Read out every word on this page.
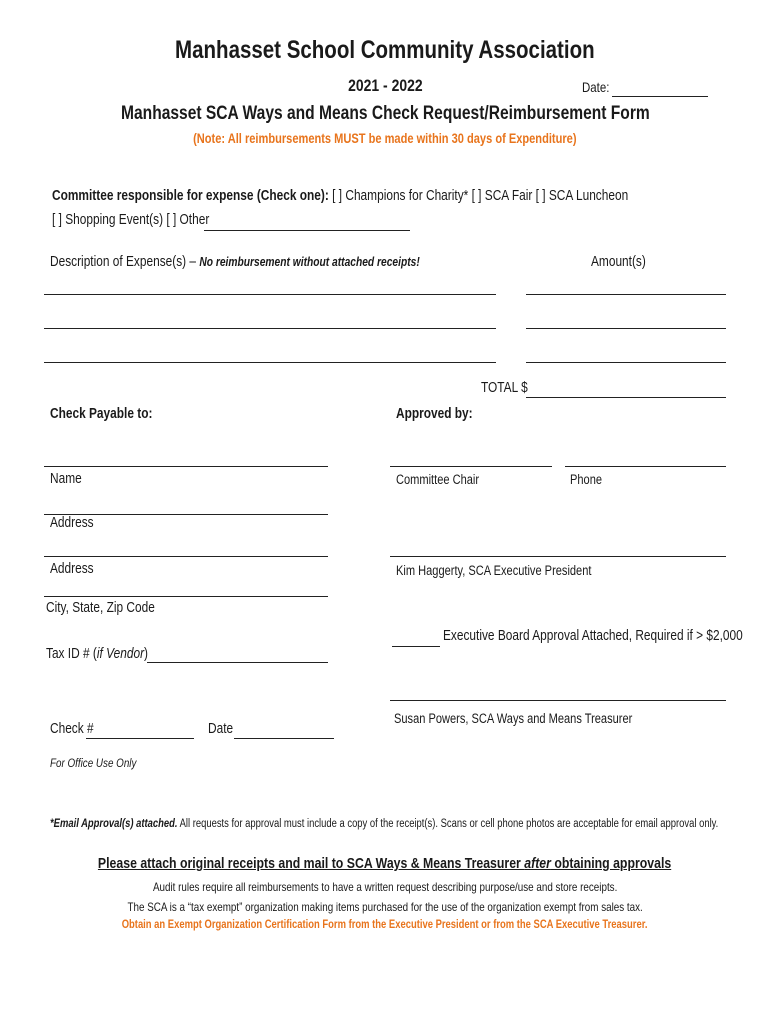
Manhasset School Community Association
2021 - 2022	Date:
Manhasset SCA Ways and Means Check Request/Reimbursement Form
(Note: All reimbursements MUST be made within 30 days of Expenditure)
Committee responsible for expense (Check one): [ ] Champions for Charity* [ ] SCA Fair [ ] SCA Luncheon
[ ] Shopping Event(s) [ ] Other
Description of Expense(s) – No reimbursement without attached receipts!	Amount(s)
TOTAL $
Check Payable to:	Approved by:
Name	Committee Chair	Phone
Address
Address	Kim Haggerty, SCA Executive President
City, State, Zip Code
Executive Board Approval Attached, Required if > $2,000
Tax ID # (if Vendor)
Susan Powers, SCA Ways and Means Treasurer
Check #	Date
For Office Use Only
*Email Approval(s) attached. All requests for approval must include a copy of the receipt(s). Scans or cell phone photos are acceptable for email approval only.
Please attach original receipts and mail to SCA Ways & Means Treasurer after obtaining approvals
Audit rules require all reimbursements to have a written request describing purpose/use and store receipts.
The SCA is a “tax exempt” organization making items purchased for the use of the organization exempt from sales tax.
Obtain an Exempt Organization Certification Form from the Executive President or from the SCA Executive Treasurer.
